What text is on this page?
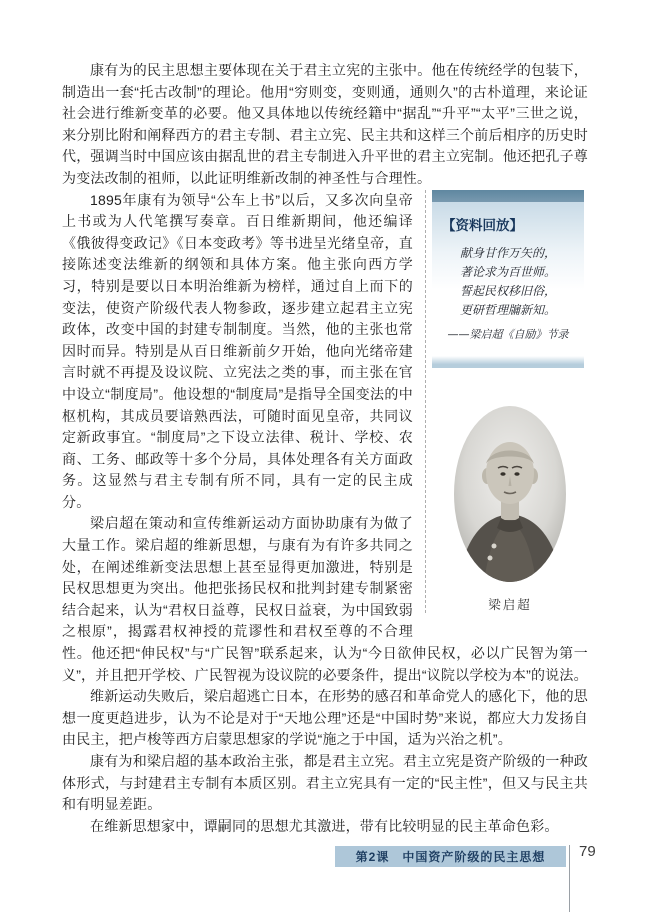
康有为的民主思想主要体现在关于君主立宪的主张中。他在传统经学的包装下，制造出一套“托古改制”的理论。他用“穷则变，变则通，通则久”的古朴道理，来论证社会进行维新变革的必要。他又具体地以传统经籍中“据乱”“升平”“太平”三世之说，来分别比附和阐释西方的君主专制、君主立宪、民主共和这样三个前后相序的历史时代，强调当时中国应该由据乱世的君主专制进入升平世的君主立宪制。他还把孔子尊为变法改制的祖师，以此证明维新改制的神圣性与合理性。

【资料回放】
献身甘作万矢的，
著论求为百世师。
誓起民权移旧俗，
更研哲理牖新知。
——梁启超《自励》节录
梁启超

1895年康有为领导“公车上书”以后，又多次向皇帝上书或为人代笔撰写奏章。百日维新期间，他还编译《俄彼得变政记》《日本变政考》等书进呈光绪皇帝，直接陈述变法维新的纲领和具体方案。他主张向西方学习，特别是要以日本明治维新为榜样，通过自上而下的变法，使资产阶级代表人物参政，逐步建立起君主立宪政体，改变中国的封建专制制度。当然，他的主张也常因时而异。特别是从百日维新前夕开始，他向光绪帝建言时就不再提及设议院、立宪法之类的事，而主张在官中设立“制度局”。他设想的“制度局”是指导全国变法的中枢机构，其成员要谙熟西法，可随时面见皇帝，共同议定新政事宜。“制度局”之下设立法律、税计、学校、农商、工务、邮政等十多个分局，具体处理各有关方面政务。这显然与君主专制有所不同，具有一定的民主成分。

梁启超在策动和宣传维新运动方面协助康有为做了大量工作。梁启超的维新思想，与康有为有许多共同之处，在阐述维新变法思想上甚至显得更加激进，特别是民权思想更为突出。他把张扬民权和批判封建专制紧密结合起来，认为“君权日益尊，民权日益衰，为中国致弱之根原”，揭露君权神授的荒谬性和君权至尊的不合理性。他还把“伸民权”与“广民智”联系起来，认为“今日欲伸民权，必以广民智为第一义”，并且把开学校、广民智视为设议院的必要条件，提出“议院以学校为本”的说法。

维新运动失败后，梁启超逃亡日本，在形势的感召和革命党人的感化下，他的思想一度更趋进步，认为不论是对于“天地公理”还是“中国时势”来说，都应大力发扬自由民主，把卢梭等西方启蒙思想家的学说“施之于中国，适为兴治之机”。

康有为和梁启超的基本政治主张，都是君主立宪。君主立宪是资产阶级的一种政体形式，与封建君主专制有本质区别。君主立宪具有一定的“民主性”，但又与民主共和有明显差距。

在维新思想家中，谭嗣同的思想尤其激进，带有比较明显的民主革命色彩。

第2课　中国资产阶级的民主思想 79
